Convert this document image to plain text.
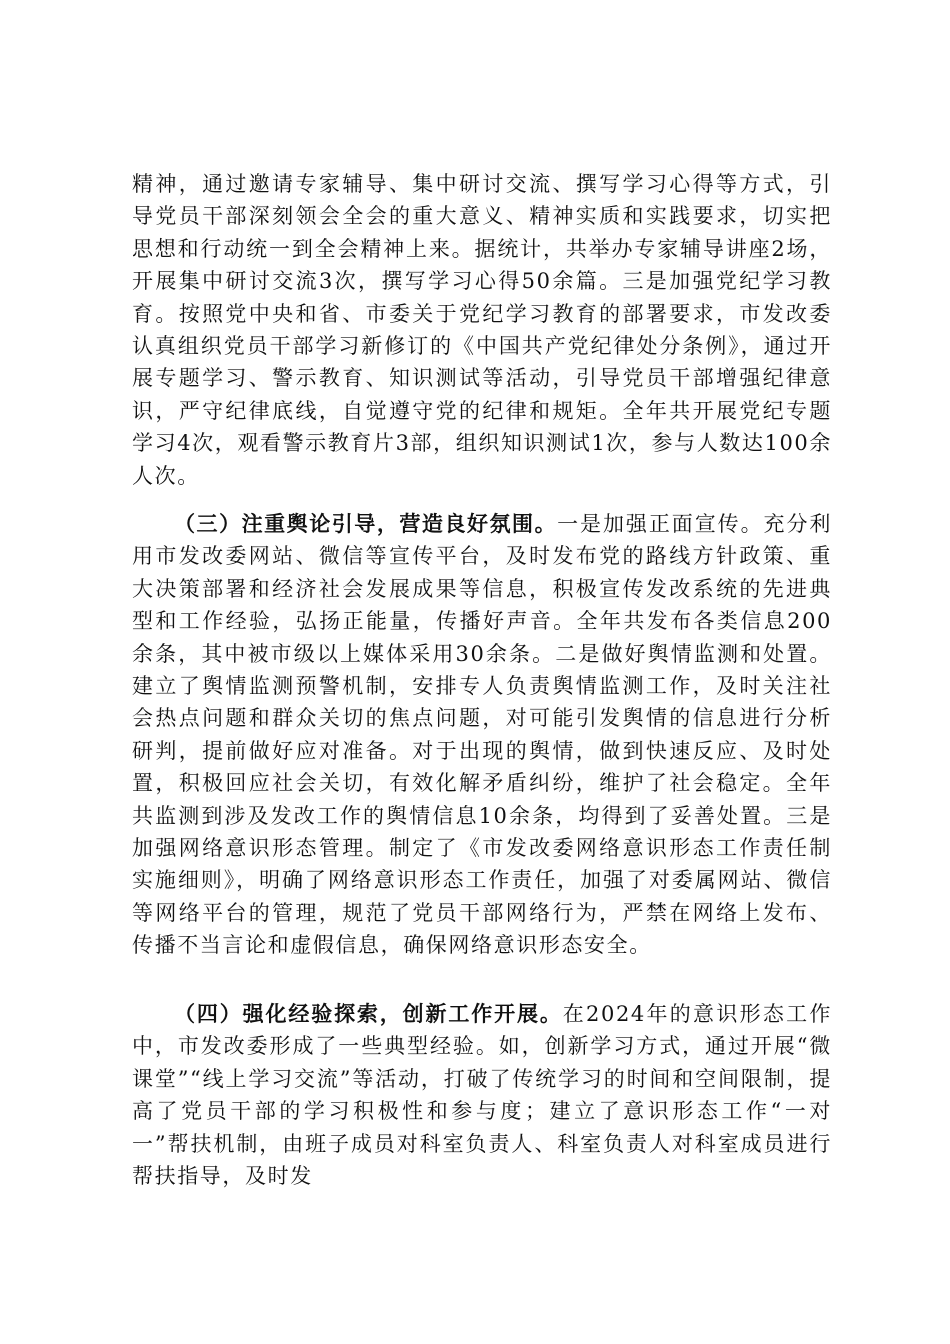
精神，通过邀请专家辅导、集中研讨交流、撰写学习心得等方式，引导党员干部深刻领会全会的重大意义、精神实质和实践要求，切实把思想和行动统一到全会精神上来。据统计，共举办专家辅导讲座2场，开展集中研讨交流3次，撰写学习心得50余篇。三是加强党纪学习教育。按照党中央和省、市委关于党纪学习教育的部署要求，市发改委认真组织党员干部学习新修订的《中国共产党纪律处分条例》，通过开展专题学习、警示教育、知识测试等活动，引导党员干部增强纪律意识，严守纪律底线，自觉遵守党的纪律和规矩。全年共开展党纪专题学习4次，观看警示教育片3部，组织知识测试1次，参与人数达100余人次。

（三）注重舆论引导，营造良好氛围。一是加强正面宣传。充分利用市发改委网站、微信等宣传平台，及时发布党的路线方针政策、重大决策部署和经济社会发展成果等信息，积极宣传发改系统的先进典型和工作经验，弘扬正能量，传播好声音。全年共发布各类信息200余条，其中被市级以上媒体采用30余条。二是做好舆情监测和处置。建立了舆情监测预警机制，安排专人负责舆情监测工作，及时关注社会热点问题和群众关切的焦点问题，对可能引发舆情的信息进行分析研判，提前做好应对准备。对于出现的舆情，做到快速反应、及时处置，积极回应社会关切，有效化解矛盾纠纷，维护了社会稳定。全年共监测到涉及发改工作的舆情信息10余条，均得到了妥善处置。三是加强网络意识形态管理。制定了《市发改委网络意识形态工作责任制实施细则》，明确了网络意识形态工作责任，加强了对委属网站、微信等网络平台的管理，规范了党员干部网络行为，严禁在网络上发布、传播不当言论和虚假信息，确保网络意识形态安全。

（四）强化经验探索，创新工作开展。在2024年的意识形态工作中，市发改委形成了一些典型经验。如，创新学习方式，通过开展“微课堂”“线上学习交流”等活动，打破了传统学习的时间和空间限制，提高了党员干部的学习积极性和参与度；建立了意识形态工作“一对一”帮扶机制，由班子成员对科室负责人、科室负责人对科室成员进行帮扶指导，及时发
